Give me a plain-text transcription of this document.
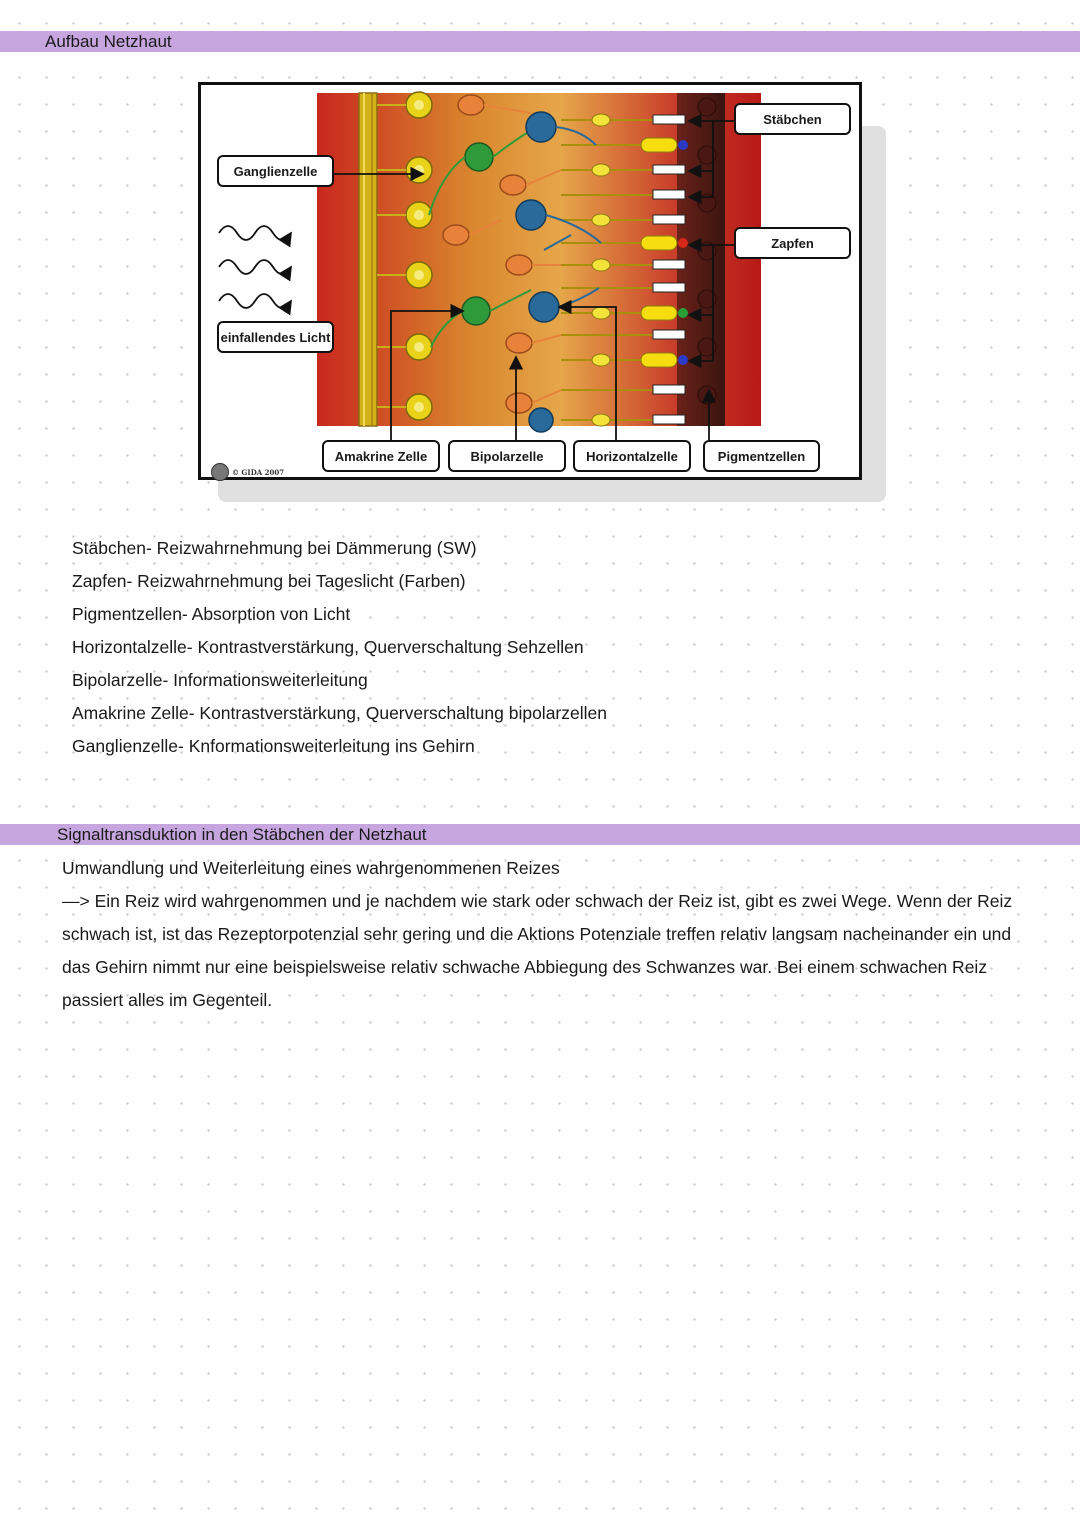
Aufbau Netzhaut
Ganglienzelle
einfallendes Licht
Stäbchen
Zapfen
Amakrine Zelle	Bipolarzelle	Horizontalzelle	Pigmentzellen
© GIDA 2007
Stäbchen- Reizwahrnehmung bei Dämmerung (SW)
Zapfen- Reizwahrnehmung bei Tageslicht (Farben)
Pigmentzellen- Absorption von Licht
Horizontalzelle- Kontrastverstärkung, Querverschaltung Sehzellen
Bipolarzelle- Informationsweiterleitung
Amakrine Zelle- Kontrastverstärkung, Querverschaltung bipolarzellen
Ganglienzelle- Knformationsweiterleitung ins Gehirn
Signaltransduktion in den Stäbchen der Netzhaut

Umwandlung und Weiterleitung eines wahrgenommenen Reizes

—> Ein Reiz wird wahrgenommen und je nachdem wie stark oder schwach der Reiz ist, gibt es zwei Wege. Wenn der Reiz schwach ist, ist das Rezeptorpotenzial sehr gering und die Aktions Potenziale treffen relativ langsam nacheinander ein und das Gehirn nimmt nur eine beispielsweise relativ schwache Abbiegung des Schwanzes war. Bei einem schwachen Reiz passiert alles im Gegenteil.
